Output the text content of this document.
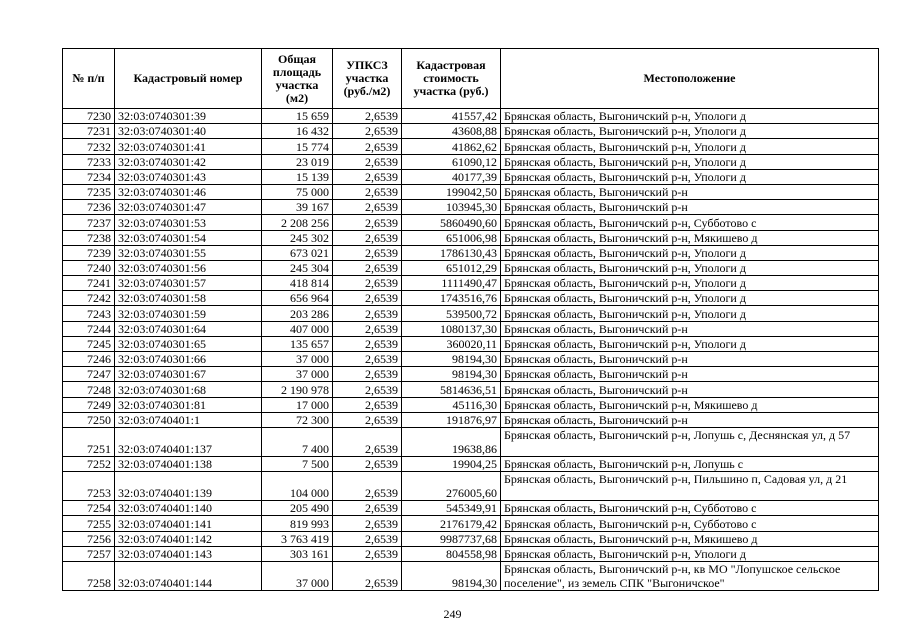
№ п/п	Кадастровый номер	Общая площадь участка (м2)	УПКСЗ участка (руб./м2)	Кадастровая стоимость участка (руб.)	Местоположение
7230	32:03:0740301:39	15 659	2,6539	41557,42	Брянская область, Выгоничский р-н, Упологи д
7231	32:03:0740301:40	16 432	2,6539	43608,88	Брянская область, Выгоничский р-н, Упологи д
7232	32:03:0740301:41	15 774	2,6539	41862,62	Брянская область, Выгоничский р-н, Упологи д
7233	32:03:0740301:42	23 019	2,6539	61090,12	Брянская область, Выгоничский р-н, Упологи д
7234	32:03:0740301:43	15 139	2,6539	40177,39	Брянская область, Выгоничский р-н, Упологи д
7235	32:03:0740301:46	75 000	2,6539	199042,50	Брянская область, Выгоничский р-н
7236	32:03:0740301:47	39 167	2,6539	103945,30	Брянская область, Выгоничский р-н
7237	32:03:0740301:53	2 208 256	2,6539	5860490,60	Брянская область, Выгоничский р-н, Субботово с
7238	32:03:0740301:54	245 302	2,6539	651006,98	Брянская область, Выгоничский р-н, Мякишево д
7239	32:03:0740301:55	673 021	2,6539	1786130,43	Брянская область, Выгоничский р-н, Упологи д
7240	32:03:0740301:56	245 304	2,6539	651012,29	Брянская область, Выгоничский р-н, Упологи д
7241	32:03:0740301:57	418 814	2,6539	1111490,47	Брянская область, Выгоничский р-н, Упологи д
7242	32:03:0740301:58	656 964	2,6539	1743516,76	Брянская область, Выгоничский р-н, Упологи д
7243	32:03:0740301:59	203 286	2,6539	539500,72	Брянская область, Выгоничский р-н, Упологи д
7244	32:03:0740301:64	407 000	2,6539	1080137,30	Брянская область, Выгоничский р-н
7245	32:03:0740301:65	135 657	2,6539	360020,11	Брянская область, Выгоничский р-н, Упологи д
7246	32:03:0740301:66	37 000	2,6539	98194,30	Брянская область, Выгоничский р-н
7247	32:03:0740301:67	37 000	2,6539	98194,30	Брянская область, Выгоничский р-н
7248	32:03:0740301:68	2 190 978	2,6539	5814636,51	Брянская область, Выгоничский р-н
7249	32:03:0740301:81	17 000	2,6539	45116,30	Брянская область, Выгоничский р-н, Мякишево д
7250	32:03:0740401:1	72 300	2,6539	191876,97	Брянская область, Выгоничский р-н
7251	32:03:0740401:137	7 400	2,6539	19638,86	Брянская область, Выгоничский р-н, Лопушь с, Деснянская ул, д 57
7252	32:03:0740401:138	7 500	2,6539	19904,25	Брянская область, Выгоничский р-н, Лопушь с
7253	32:03:0740401:139	104 000	2,6539	276005,60	Брянская область, Выгоничский р-н, Пильшино п, Садовая ул, д 21
7254	32:03:0740401:140	205 490	2,6539	545349,91	Брянская область, Выгоничский р-н, Субботово с
7255	32:03:0740401:141	819 993	2,6539	2176179,42	Брянская область, Выгоничский р-н, Субботово с
7256	32:03:0740401:142	3 763 419	2,6539	9987737,68	Брянская область, Выгоничский р-н, Мякишево д
7257	32:03:0740401:143	303 161	2,6539	804558,98	Брянская область, Выгоничский р-н, Упологи д
7258	32:03:0740401:144	37 000	2,6539	98194,30	Брянская область, Выгоничский р-н, кв МО "Лопушское сельское поселение", из земель СПК "Выгоничское"
249
